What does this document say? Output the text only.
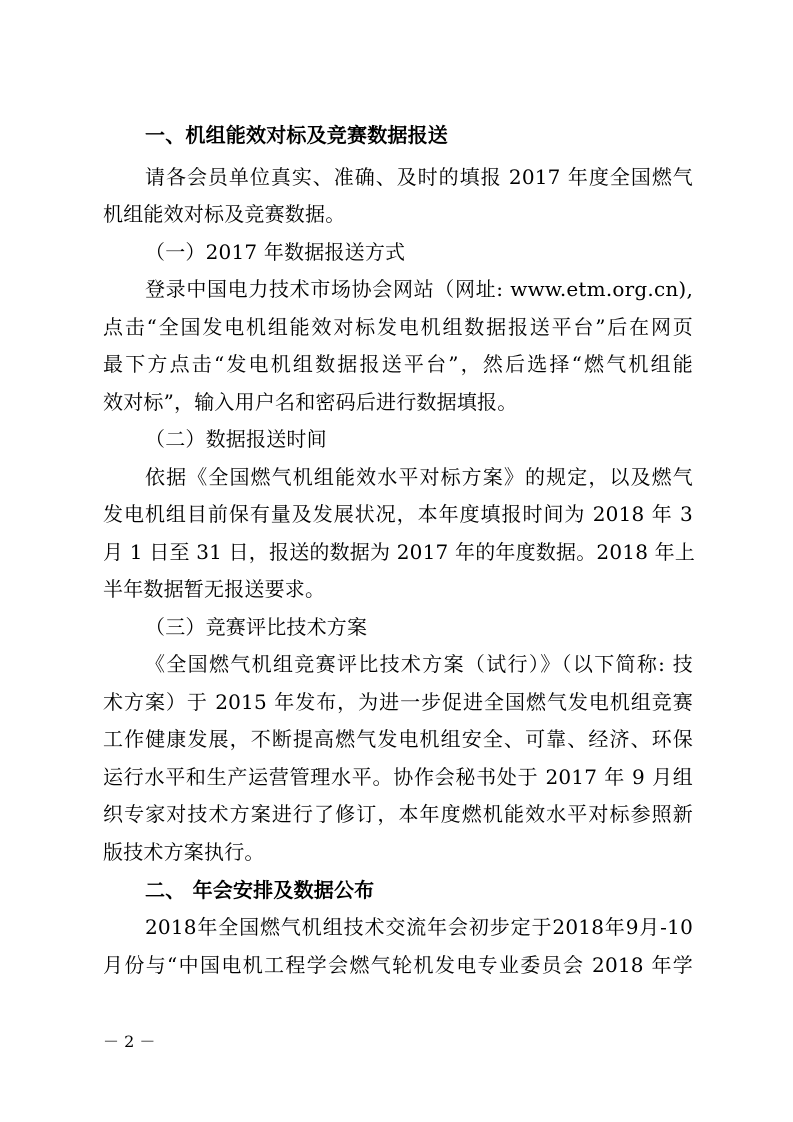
一、机组能效对标及竞赛数据报送
请各会员单位真实、准确、及时的填报 2017 年度全国燃气
机组能效对标及竞赛数据。
（一）2017 年数据报送方式
登录中国电力技术市场协会网站（网址: www.etm.org.cn),
点击“全国发电机组能效对标发电机组数据报送平台”后在网页
最下方点击“发电机组数据报送平台”，然后选择“燃气机组能
效对标”，输入用户名和密码后进行数据填报。
（二）数据报送时间
依据《全国燃气机组能效水平对标方案》的规定，以及燃气
发电机组目前保有量及发展状况，本年度填报时间为 2018 年 3
月 1 日至 31 日，报送的数据为 2017 年的年度数据。2018 年上
半年数据暂无报送要求。
（三）竞赛评比技术方案
《全国燃气机组竞赛评比技术方案（试行）》（以下简称: 技
术方案）于 2015 年发布，为进一步促进全国燃气发电机组竞赛
工作健康发展，不断提高燃气发电机组安全、可靠、经济、环保
运行水平和生产运营管理水平。协作会秘书处于 2017 年 9 月组
织专家对技术方案进行了修订，本年度燃机能效水平对标参照新
版技术方案执行。
二、 年会安排及数据公布
2018年全国燃气机组技术交流年会初步定于2018年9月-10
月份与“中国电机工程学会燃气轮机发电专业委员会 2018 年学
－ 2 －
